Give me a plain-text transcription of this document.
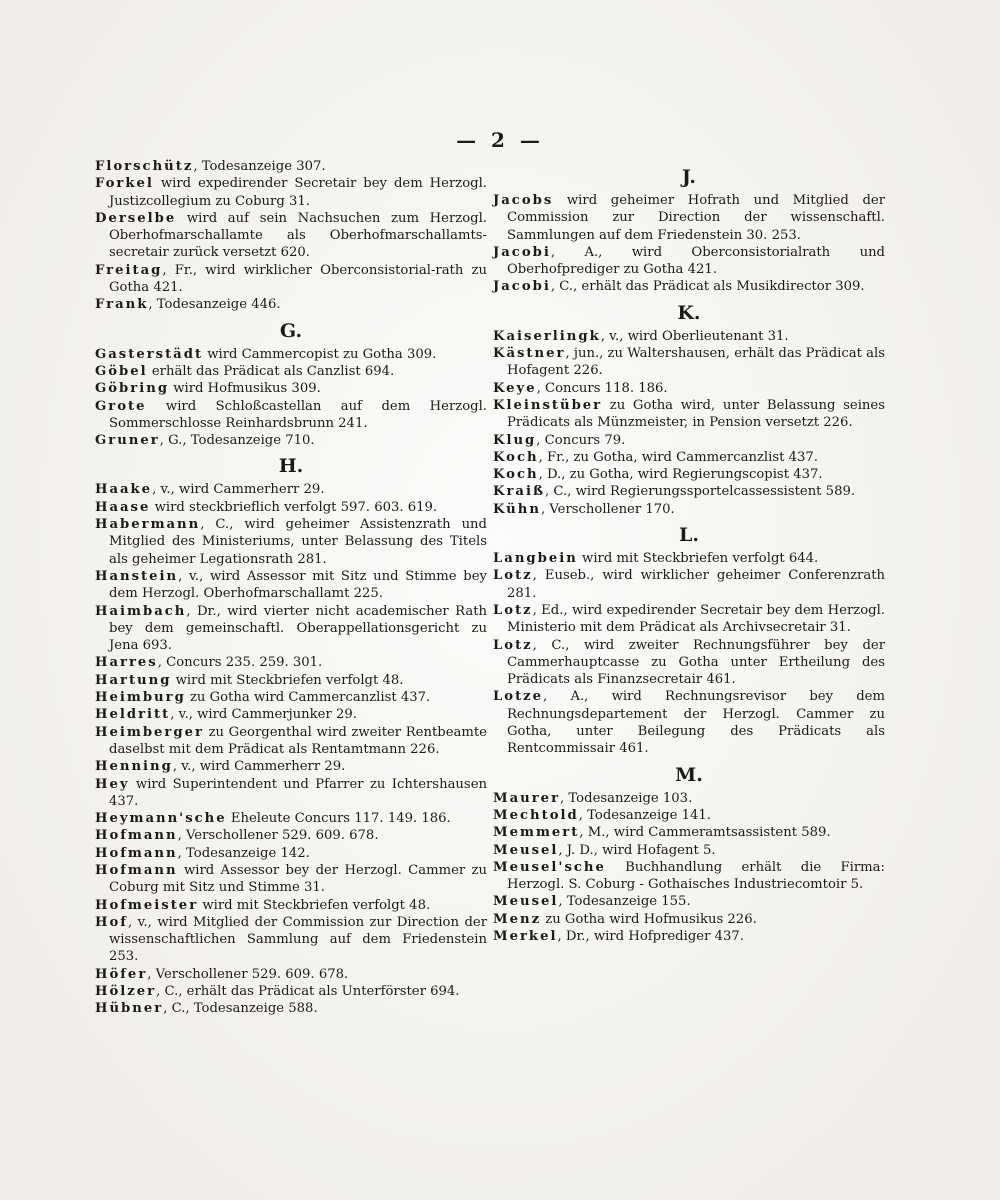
— 2 —

Florschütz, Todesanzeige 307.

Forkel wird expedirender Secretair bey dem Herzogl. Justizcollegium zu Coburg 31.

Derselbe wird auf sein Nachsuchen zum Herzogl. Oberhofmarschallamte als Oberhofmarschallamts-secretair zurück versetzt 620.

Freitag, Fr., wird wirklicher Oberconsistorial-rath zu Gotha 421.

Frank, Todesanzeige 446.

G.

Gasterstädt wird Cammercopist zu Gotha 309.

Göbel erhält das Prädicat als Canzlist 694.

Göbring wird Hofmusikus 309.

Grote wird Schloßcastellan auf dem Herzogl. Sommerschlosse Reinhardsbrunn 241.

Gruner, G., Todesanzeige 710.

H.

Haake, v., wird Cammerherr 29.

Haase wird steckbrieflich verfolgt 597. 603. 619.

Habermann, C., wird geheimer Assistenzrath und Mitglied des Ministeriums, unter Belassung des Titels als geheimer Legationsrath 281.

Hanstein, v., wird Assessor mit Sitz und Stimme bey dem Herzogl. Oberhofmarschallamt 225.

Haimbach, Dr., wird vierter nicht academischer Rath bey dem gemeinschaftl. Oberappellationsgericht zu Jena 693.

Harres, Concurs 235. 259. 301.

Hartung wird mit Steckbriefen verfolgt 48.

Heimburg zu Gotha wird Cammercanzlist 437.

Heldritt, v., wird Cammerjunker 29.

Heimberger zu Georgenthal wird zweiter Rentbeamte daselbst mit dem Prädicat als Rentamtmann 226.

Henning, v., wird Cammerherr 29.

Hey wird Superintendent und Pfarrer zu Ichtershausen 437.

Heymann'sche Eheleute Concurs 117. 149. 186.

Hofmann, Verschollener 529. 609. 678.

Hofmann, Todesanzeige 142.

Hofmann wird Assessor bey der Herzogl. Cammer zu Coburg mit Sitz und Stimme 31.

Hofmeister wird mit Steckbriefen verfolgt 48.

Hof, v., wird Mitglied der Commission zur Direction der wissenschaftlichen Sammlung auf dem Friedenstein 253.

Höfer, Verschollener 529. 609. 678.

Hölzer, C., erhält das Prädicat als Unterförster 694.

Hübner, C., Todesanzeige 588.

J.

Jacobs wird geheimer Hofrath und Mitglied der Commission zur Direction der wissenschaftl. Sammlungen auf dem Friedenstein 30. 253.

Jacobi, A., wird Oberconsistorialrath und Oberhofprediger zu Gotha 421.

Jacobi, C., erhält das Prädicat als Musikdirector 309.

K.

Kaiserlingk, v., wird Oberlieutenant 31.

Kästner, jun., zu Waltershausen, erhält das Prädicat als Hofagent 226.

Keye, Concurs 118. 186.

Kleinstüber zu Gotha wird, unter Belassung seines Prädicats als Münzmeister, in Pension versetzt 226.

Klug, Concurs 79.

Koch, Fr., zu Gotha, wird Cammercanzlist 437.

Koch, D., zu Gotha, wird Regierungscopist 437.

Kraiß, C., wird Regierungssportelcassessistent 589.

Kühn, Verschollener 170.

L.

Langbein wird mit Steckbriefen verfolgt 644.

Lotz, Euseb., wird wirklicher geheimer Conferenzrath 281.

Lotz, Ed., wird expedirender Secretair bey dem Herzogl. Ministerio mit dem Prädicat als Archivsecretair 31.

Lotz, C., wird zweiter Rechnungsführer bey der Cammerhauptcasse zu Gotha unter Ertheilung des Prädicats als Finanzsecretair 461.

Lotze, A., wird Rechnungsrevisor bey dem Rechnungsdepartement der Herzogl. Cammer zu Gotha, unter Beilegung des Prädicats als Rentcommissair 461.

M.

Maurer, Todesanzeige 103.

Mechtold, Todesanzeige 141.

Memmert, M., wird Cammeramtsassistent 589.

Meusel, J. D., wird Hofagent 5.

Meusel'sche Buchhandlung erhält die Firma: Herzogl. S. Coburg - Gothaisches Industriecomtoir 5.

Meusel, Todesanzeige 155.

Menz zu Gotha wird Hofmusikus 226.

Merkel, Dr., wird Hofprediger 437.
